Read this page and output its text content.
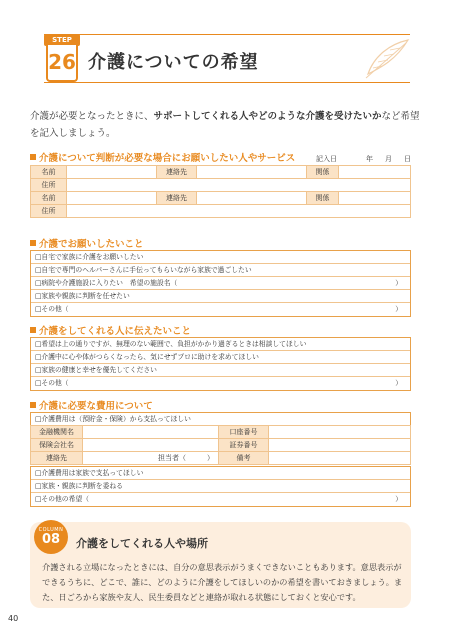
STEP
26 介護についての希望
介護が必要となったときに、サポートしてくれる人やどのような介護を受けたいかなど希望を記入しましょう。
介護について判断が必要な場合にお願いしたい人やサービス	記入日	年 月 日
名前		連絡先		関係	
住所					
名前		連絡先		関係	
住所					
介護でお願いしたいこと
□自宅で家族に介護をお願いしたい
□自宅で専門のヘルパーさんに手伝ってもらいながら家族で過ごしたい
□病院や介護施設に入りたい　希望の施設名（	）
□家族や親族に判断を任せたい
□その他（	）
介護をしてくれる人に伝えたいこと
□希望は上の通りですが、無理のない範囲で、負担がかかり過ぎるときは相談してほしい
□介護中に心や体がつらくなったら、気にせずプロに助けを求めてほしい
□家族の健康と幸せを優先してください
□その他（	）
介護に必要な費用について
□介護費用は（預貯金・保険）から支払ってほしい
金融機関名		口座番号	
保険会社名		証券番号	
連絡先	担当者（　　　）	備考	
□介護費用は家族で支払ってほしい
□家族・親族に判断を委ねる
□その他の希望（	）
COLUMN
08	介護をしてくれる人や場所
介護される立場になったときには、自分の意思表示がうまくできないこともあります。意思表示ができるうちに、どこで、誰に、どのように介護をしてほしいのかの希望を書いておきましょう。また、日ごろから家族や友人、民生委員などと連絡が取れる状態にしておくと安心です。
40
